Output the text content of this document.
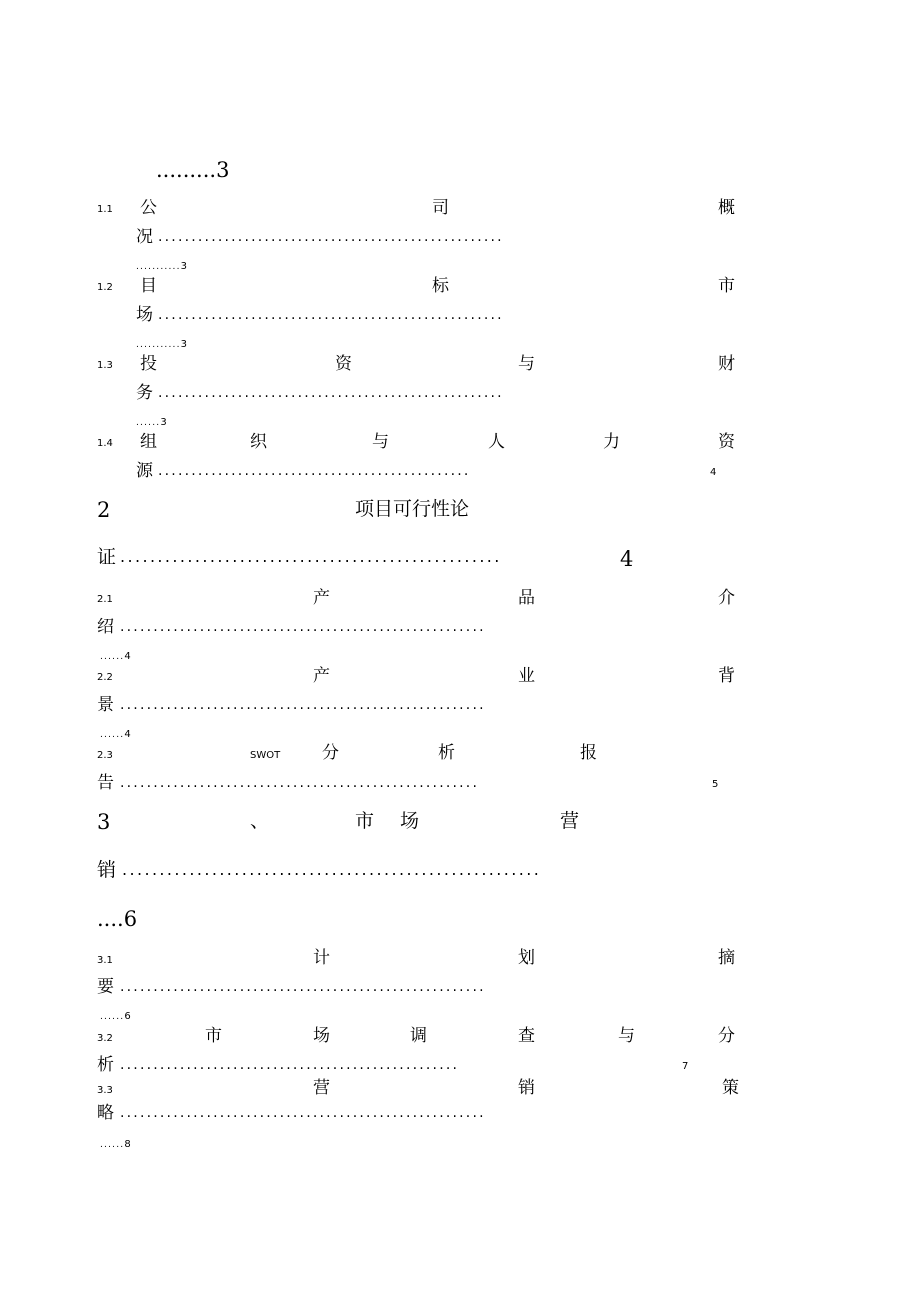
.........3
1.1 公	司	概
况 ....................................................
...........3
1.2 目	标	市
场 ....................................................
...........3
1.3 投	资	与	财
务 ....................................................
......3
1.4 组	织	与	人	力	资
源 ...............................................	$^4$
2	项目可行性论
证 ...................................................	4
2.1	产	品	介
绍 .......................................................
......4
2.2	产	业	背
景 .......................................................
......4
2.3	SWOT 分	析	报
告 ......................................................	$^5$
3	、	市 场	营
销 ........................................................
....6
3.1	计	划	摘
要 .......................................................
......6
3.2	市	场	调	查	与	分
析 ...................................................	$^7$
3.3	营	销	策
略 .......................................................
......8
